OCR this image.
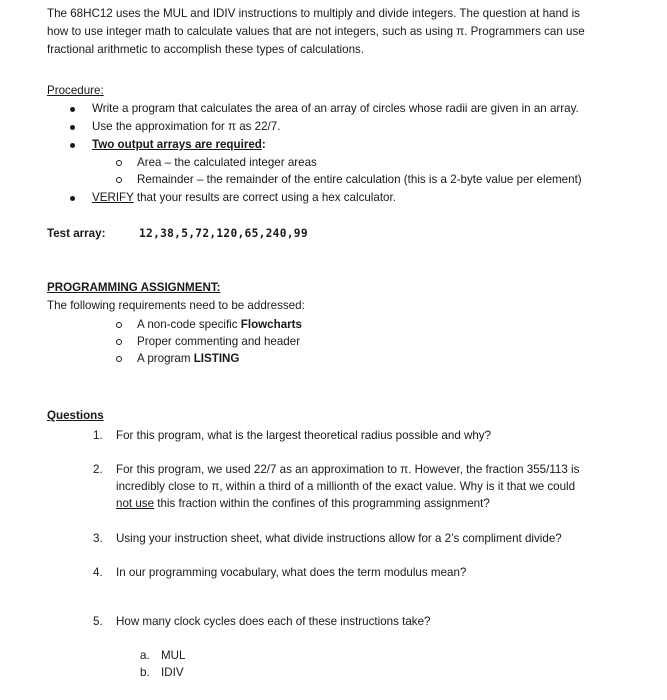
The 68HC12 uses the MUL and IDIV instructions to multiply and divide integers. The question at hand is
how to use integer math to calculate values that are not integers, such as using π. Programmers can use
fractional arithmetic to accomplish these types of calculations.
Procedure:
Write a program that calculates the area of an array of circles whose radii are given in an array.
Use the approximation for π as 22/7.
Two output arrays are required:
Area – the calculated integer areas
Remainder – the remainder of the entire calculation (this is a 2-byte value per element)
VERIFY that your results are correct using a hex calculator.
Test array:	12,38,5,72,120,65,240,99
PROGRAMMING ASSIGNMENT:
The following requirements need to be addressed:
A non-code specific Flowcharts
Proper commenting and header
A program LISTING
Questions
1. For this program, what is the largest theoretical radius possible and why?
2. For this program, we used 22/7 as an approximation to π. However, the fraction 355/113 is
incredibly close to π, within a third of a millionth of the exact value. Why is it that we could
not use this fraction within the confines of this programming assignment?
3. Using your instruction sheet, what divide instructions allow for a 2’s compliment divide?
4. In our programming vocabulary, what does the term modulus mean?
5. How many clock cycles does each of these instructions take?
a. MUL
b. IDIV
